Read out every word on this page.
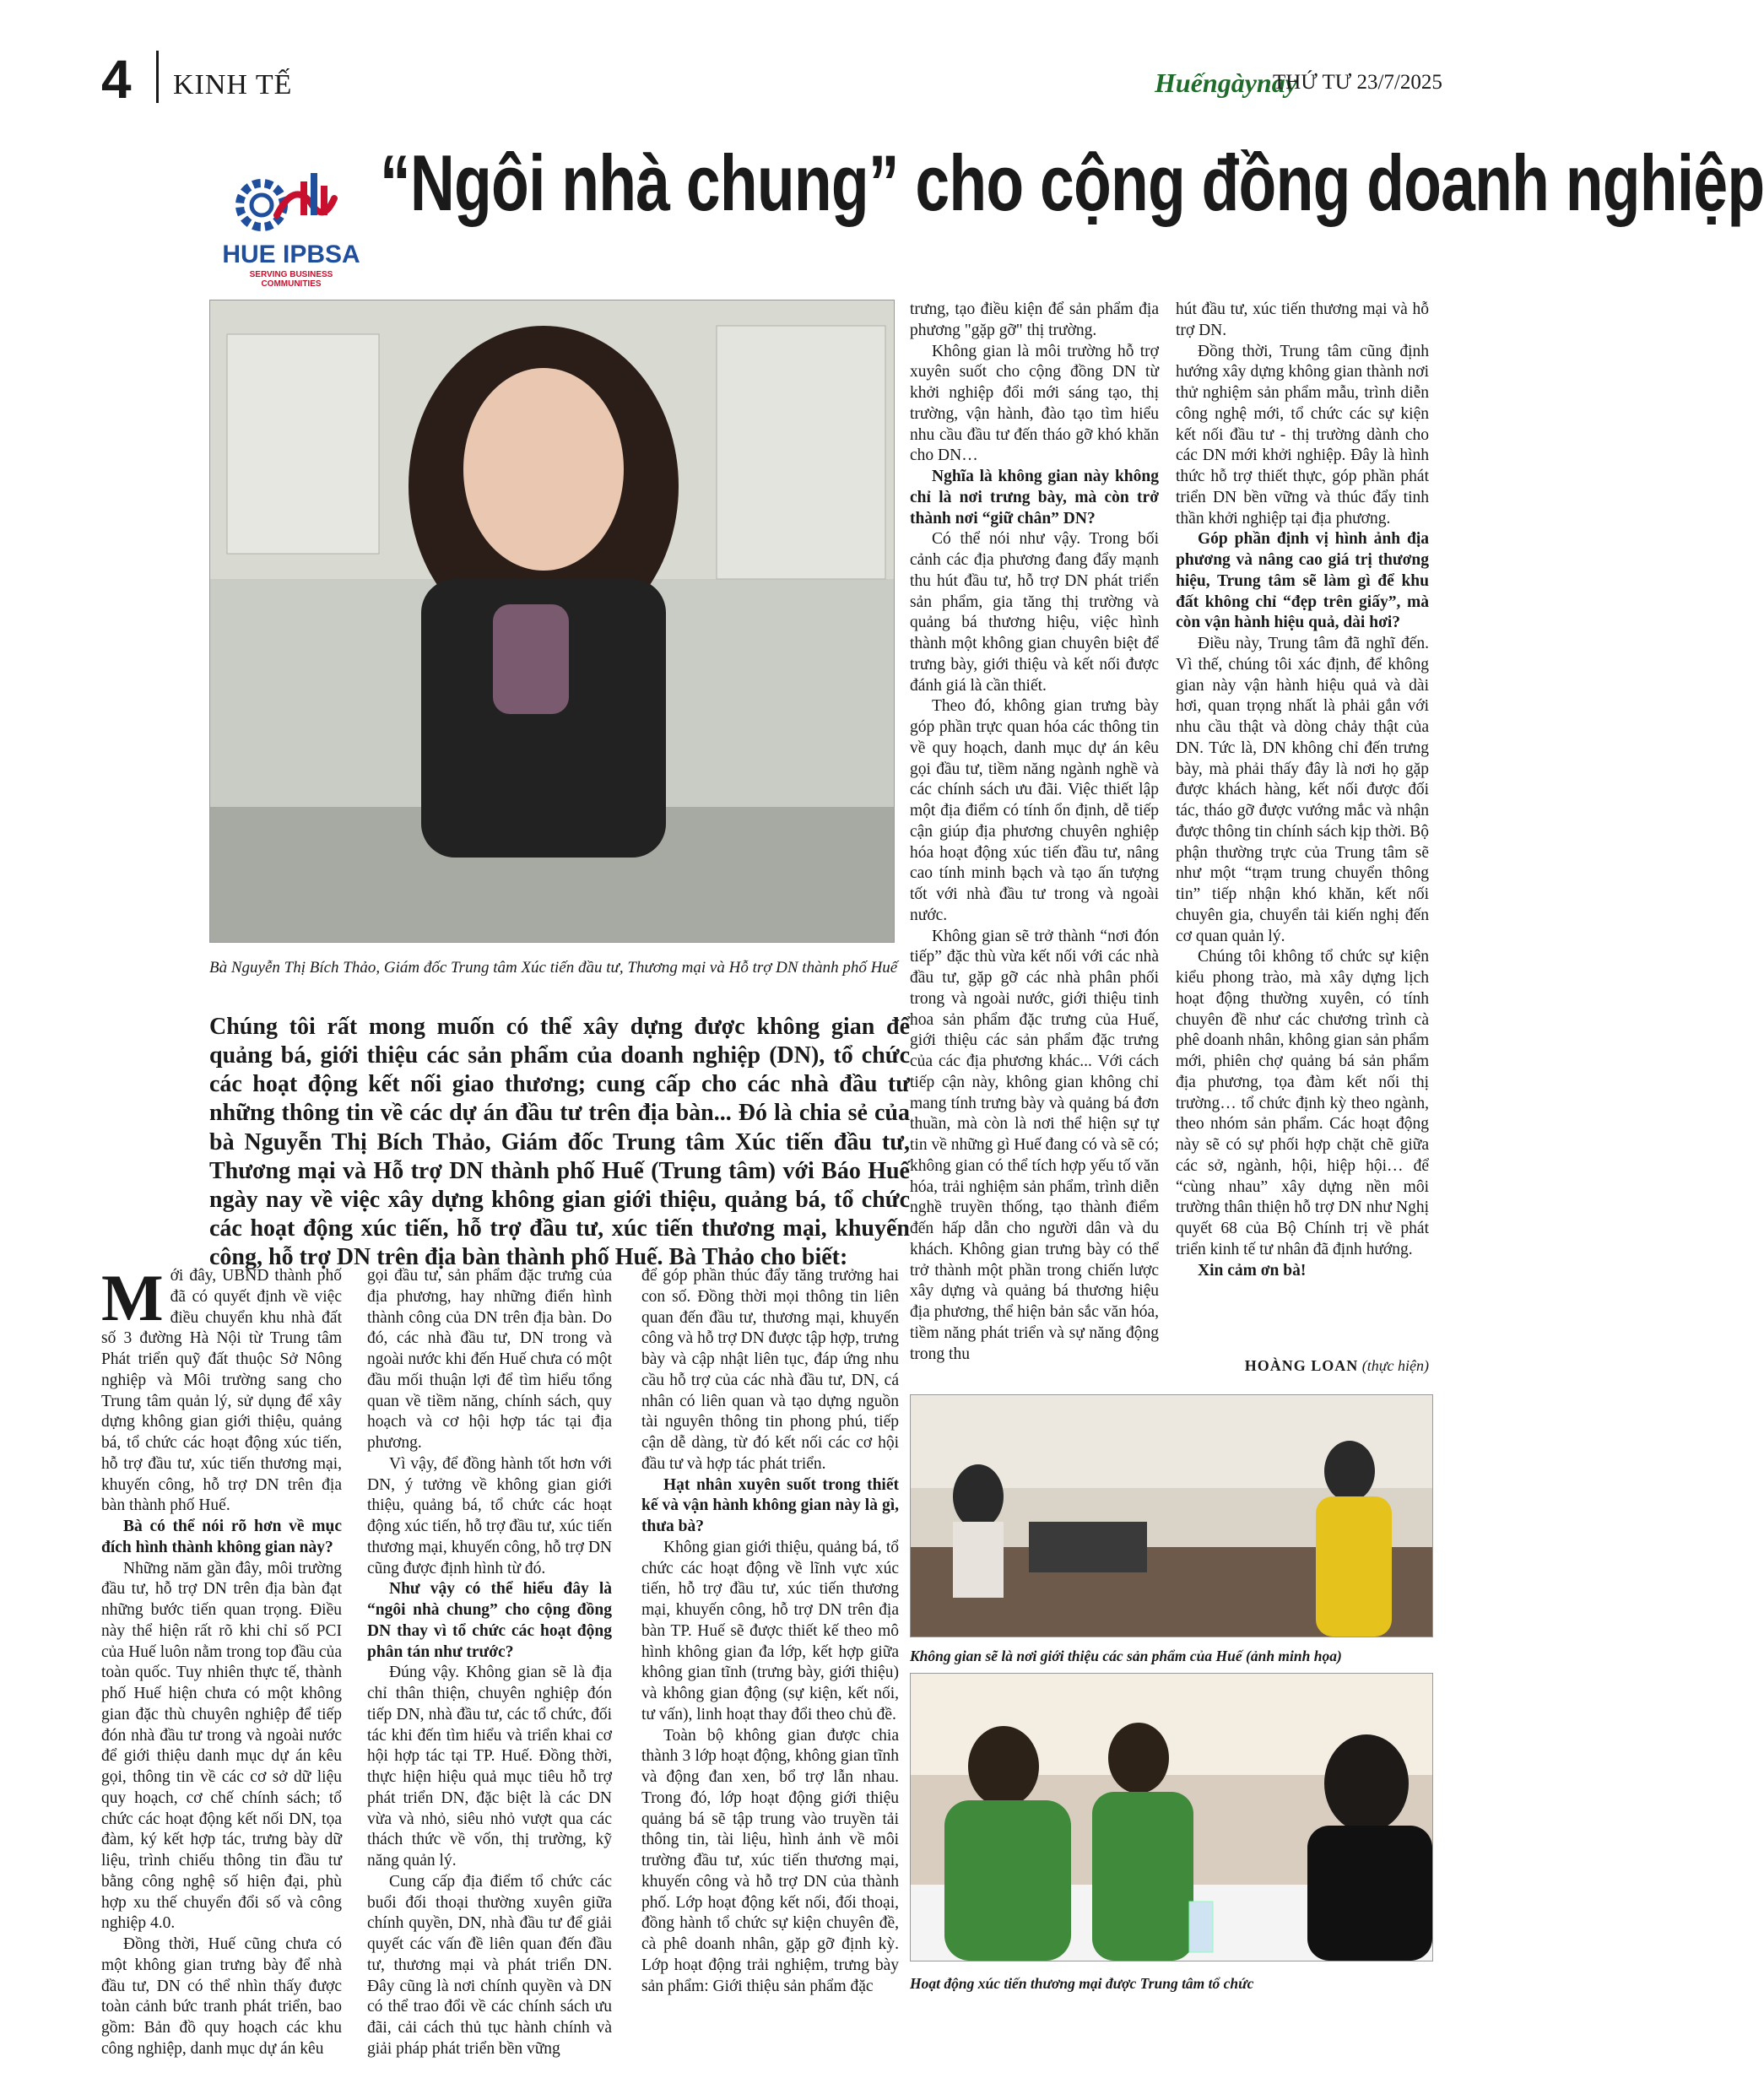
4 KINH TẾ	Huếngàynay
THỨ TƯ 23/7/2025
HUE IPBSA
SERVING BUSINESS COMMUNITIES
“Ngôi nhà chung” cho cộng đồng doanh nghiệp
Bà Nguyễn Thị Bích Thảo, Giám đốc Trung tâm Xúc tiến đầu tư, Thương mại và Hỗ trợ DN thành phố Huế
Chúng tôi rất mong muốn có thể xây dựng được không gian để quảng bá, giới thiệu các sản phẩm của doanh nghiệp (DN), tổ chức các hoạt động kết nối giao thương; cung cấp cho các nhà đầu tư những thông tin về các dự án đầu tư trên địa bàn... Đó là chia sẻ của bà Nguyễn Thị Bích Thảo, Giám đốc Trung tâm Xúc tiến đầu tư, Thương mại và Hỗ trợ DN thành phố Huế (Trung tâm) với Báo Huế ngày nay về việc xây dựng không gian giới thiệu, quảng bá, tổ chức các hoạt động xúc tiến, hỗ trợ đầu tư, xúc tiến thương mại, khuyến công, hỗ trợ DN trên địa bàn thành phố Huế. Bà Thảo cho biết:

Mới đây, UBND thành phố đã có quyết định về việc điều chuyển khu nhà đất số 3 đường Hà Nội từ Trung tâm Phát triển quỹ đất thuộc Sở Nông nghiệp và Môi trường sang cho Trung tâm quản lý, sử dụng để xây dựng không gian giới thiệu, quảng bá, tổ chức các hoạt động xúc tiến, hỗ trợ đầu tư, xúc tiến thương mại, khuyến công, hỗ trợ DN trên địa bàn thành phố Huế.

Bà có thể nói rõ hơn về mục đích hình thành không gian này?

Những năm gần đây, môi trường đầu tư, hỗ trợ DN trên địa bàn đạt những bước tiến quan trọng. Điều này thể hiện rất rõ khi chỉ số PCI của Huế luôn nằm trong top đầu của toàn quốc. Tuy nhiên thực tế, thành phố Huế hiện chưa có một không gian đặc thù chuyên nghiệp để tiếp đón nhà đầu tư trong và ngoài nước để giới thiệu danh mục dự án kêu gọi, thông tin về các cơ sở dữ liệu quy hoạch, cơ chế chính sách; tổ chức các hoạt động kết nối DN, tọa đàm, ký kết hợp tác, trưng bày dữ liệu, trình chiếu thông tin đầu tư bằng công nghệ số hiện đại, phù hợp xu thế chuyển đổi số và công nghiệp 4.0.

Đồng thời, Huế cũng chưa có một không gian trưng bày để nhà đầu tư, DN có thể nhìn thấy được toàn cảnh bức tranh phát triển, bao gồm: Bản đồ quy hoạch các khu công nghiệp, danh mục dự án kêu

gọi đầu tư, sản phẩm đặc trưng của địa phương, hay những điển hình thành công của DN trên địa bàn. Do đó, các nhà đầu tư, DN trong và ngoài nước khi đến Huế chưa có một đầu mối thuận lợi để tìm hiểu tổng quan về tiềm năng, chính sách, quy hoạch và cơ hội hợp tác tại địa phương.

Vì vậy, để đồng hành tốt hơn với DN, ý tưởng về không gian giới thiệu, quảng bá, tổ chức các hoạt động xúc tiến, hỗ trợ đầu tư, xúc tiến thương mại, khuyến công, hỗ trợ DN cũng được định hình từ đó.

Như vậy có thể hiểu đây là “ngôi nhà chung” cho cộng đồng DN thay vì tổ chức các hoạt động phân tán như trước?

Đúng vậy. Không gian sẽ là địa chỉ thân thiện, chuyên nghiệp đón tiếp DN, nhà đầu tư, các tổ chức, đối tác khi đến tìm hiểu và triển khai cơ hội hợp tác tại TP. Huế. Đồng thời, thực hiện hiệu quả mục tiêu hỗ trợ phát triển DN, đặc biệt là các DN vừa và nhỏ, siêu nhỏ vượt qua các thách thức về vốn, thị trường, kỹ năng quản lý.

Cung cấp địa điểm tổ chức các buổi đối thoại thường xuyên giữa chính quyền, DN, nhà đầu tư để giải quyết các vấn đề liên quan đến đầu tư, thương mại và phát triển DN. Đây cũng là nơi chính quyền và DN có thể trao đổi về các chính sách ưu đãi, cải cách thủ tục hành chính và giải pháp phát triển bền vững

để góp phần thúc đẩy tăng trưởng hai con số. Đồng thời mọi thông tin liên quan đến đầu tư, thương mại, khuyến công và hỗ trợ DN được tập hợp, trưng bày và cập nhật liên tục, đáp ứng nhu cầu hỗ trợ của các nhà đầu tư, DN, cá nhân có liên quan và tạo dựng nguồn tài nguyên thông tin phong phú, tiếp cận dễ dàng, từ đó kết nối các cơ hội đầu tư và hợp tác phát triển.

Hạt nhân xuyên suốt trong thiết kế và vận hành không gian này là gì, thưa bà?

Không gian giới thiệu, quảng bá, tổ chức các hoạt động về lĩnh vực xúc tiến, hỗ trợ đầu tư, xúc tiến thương mại, khuyến công, hỗ trợ DN trên địa bàn TP. Huế sẽ được thiết kế theo mô hình không gian đa lớp, kết hợp giữa không gian tĩnh (trưng bày, giới thiệu) và không gian động (sự kiện, kết nối, tư vấn), linh hoạt thay đổi theo chủ đề.

Toàn bộ không gian được chia thành 3 lớp hoạt động, không gian tĩnh và động đan xen, bổ trợ lẫn nhau. Trong đó, lớp hoạt động giới thiệu quảng bá sẽ tập trung vào truyền tải thông tin, tài liệu, hình ảnh về môi trường đầu tư, xúc tiến thương mại, khuyến công và hỗ trợ DN của thành phố. Lớp hoạt động kết nối, đối thoại, đồng hành tổ chức sự kiện chuyên đề, cà phê doanh nhân, gặp gỡ định kỳ. Lớp hoạt động trải nghiệm, trưng bày sản phẩm: Giới thiệu sản phẩm đặc

trưng, tạo điều kiện để sản phẩm địa phương "gặp gỡ" thị trường.

Không gian là môi trường hỗ trợ xuyên suốt cho cộng đồng DN từ khởi nghiệp đổi mới sáng tạo, thị trường, vận hành, đào tạo tìm hiểu nhu cầu đầu tư đến tháo gỡ khó khăn cho DN…

Nghĩa là không gian này không chỉ là nơi trưng bày, mà còn trở thành nơi “giữ chân” DN?

Có thể nói như vậy. Trong bối cảnh các địa phương đang đẩy mạnh thu hút đầu tư, hỗ trợ DN phát triển sản phẩm, gia tăng thị trường và quảng bá thương hiệu, việc hình thành một không gian chuyên biệt để trưng bày, giới thiệu và kết nối được đánh giá là cần thiết.

Theo đó, không gian trưng bày góp phần trực quan hóa các thông tin về quy hoạch, danh mục dự án kêu gọi đầu tư, tiềm năng ngành nghề và các chính sách ưu đãi. Việc thiết lập một địa điểm có tính ổn định, dễ tiếp cận giúp địa phương chuyên nghiệp hóa hoạt động xúc tiến đầu tư, nâng cao tính minh bạch và tạo ấn tượng tốt với nhà đầu tư trong và ngoài nước.

Không gian sẽ trở thành “nơi đón tiếp” đặc thù vừa kết nối với các nhà đầu tư, gặp gỡ các nhà phân phối trong và ngoài nước, giới thiệu tinh hoa sản phẩm đặc trưng của Huế, giới thiệu các sản phẩm đặc trưng của các địa phương khác... Với cách tiếp cận này, không gian không chỉ mang tính trưng bày và quảng bá đơn thuần, mà còn là nơi thể hiện sự tự tin về những gì Huế đang có và sẽ có; không gian có thể tích hợp yếu tố văn hóa, trải nghiệm sản phẩm, trình diễn nghề truyền thống, tạo thành điểm đến hấp dẫn cho người dân và du khách. Không gian trưng bày có thể trở thành một phần trong chiến lược xây dựng và quảng bá thương hiệu địa phương, thể hiện bản sắc văn hóa, tiềm năng phát triển và sự năng động trong thu

hút đầu tư, xúc tiến thương mại và hỗ trợ DN.

Đồng thời, Trung tâm cũng định hướng xây dựng không gian thành nơi thử nghiệm sản phẩm mẫu, trình diễn công nghệ mới, tổ chức các sự kiện kết nối đầu tư - thị trường dành cho các DN mới khởi nghiệp. Đây là hình thức hỗ trợ thiết thực, góp phần phát triển DN bền vững và thúc đẩy tinh thần khởi nghiệp tại địa phương.

Góp phần định vị hình ảnh địa phương và nâng cao giá trị thương hiệu, Trung tâm sẽ làm gì để khu đất không chỉ “đẹp trên giấy”, mà còn vận hành hiệu quả, dài hơi?

Điều này, Trung tâm đã nghĩ đến. Vì thế, chúng tôi xác định, để không gian này vận hành hiệu quả và dài hơi, quan trọng nhất là phải gắn với nhu cầu thật và dòng chảy thật của DN. Tức là, DN không chỉ đến trưng bày, mà phải thấy đây là nơi họ gặp được khách hàng, kết nối được đối tác, tháo gỡ được vướng mắc và nhận được thông tin chính sách kịp thời. Bộ phận thường trực của Trung tâm sẽ như một “trạm trung chuyển thông tin” tiếp nhận khó khăn, kết nối chuyên gia, chuyển tải kiến nghị đến cơ quan quản lý.

Chúng tôi không tổ chức sự kiện kiểu phong trào, mà xây dựng lịch hoạt động thường xuyên, có tính chuyên đề như các chương trình cà phê doanh nhân, không gian sản phẩm mới, phiên chợ quảng bá sản phẩm địa phương, tọa đàm kết nối thị trường… tổ chức định kỳ theo ngành, theo nhóm sản phẩm. Các hoạt động này sẽ có sự phối hợp chặt chẽ giữa các sở, ngành, hội, hiệp hội… để “cùng nhau” xây dựng nền môi trường thân thiện hỗ trợ DN như Nghị quyết 68 của Bộ Chính trị về phát triển kinh tế tư nhân đã định hướng.

Xin cảm ơn bà!

HOÀNG LOAN (thực hiện)
Không gian sẽ là nơi giới thiệu các sản phẩm của Huế (ảnh minh họa)
Hoạt động xúc tiến thương mại được Trung tâm tổ chức
